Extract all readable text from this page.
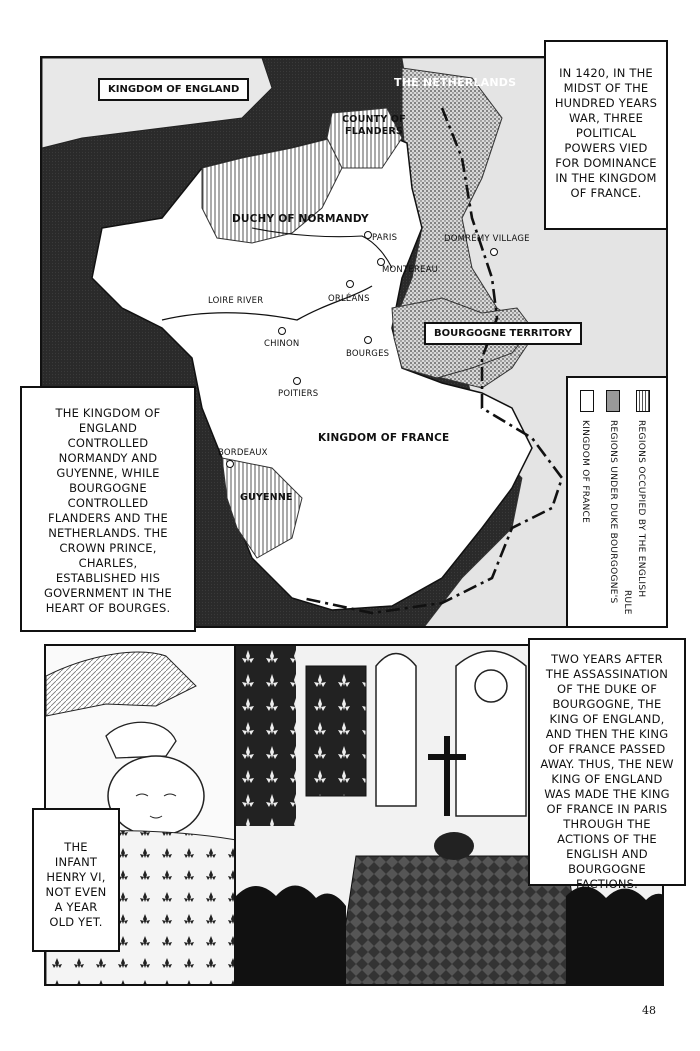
KINGDOM OF ENGLAND
THE NETHERLANDS
COUNTY OF FLANDERS
DUCHY OF NORMANDY
PARIS	DOMRÉMY VILLAGE
MONTEREAU
LOIRE RIVER	ORLÉANS
CHINON
BOURGES
BOURGOGNE TERRITORY
POITIERS
KINGDOM OF FRANCE
BORDEAUX
GUYENNE	REGIONS OCCUPIED BY THE ENGLISH
REGIONS UNDER DUKE BOURGOGNE'S RULE
KINGDOM OF FRANCE
IN 1420, IN THE MIDST OF THE HUNDRED YEARS WAR, THREE POLITICAL POWERS VIED FOR DOMINANCE IN THE KINGDOM OF FRANCE.
THE KINGDOM OF ENGLAND CONTROLLED NORMANDY AND GUYENNE, WHILE BOURGOGNE CONTROLLED FLANDERS AND THE NETHERLANDS. THE CROWN PRINCE, CHARLES, ESTABLISHED HIS GOVERNMENT IN THE HEART OF BOURGES.
THE INFANT HENRY VI, NOT EVEN A YEAR OLD YET.
TWO YEARS AFTER THE ASSASSINATION OF THE DUKE OF BOURGOGNE, THE KING OF ENGLAND, AND THEN THE KING OF FRANCE PASSED AWAY. THUS, THE NEW KING OF ENGLAND WAS MADE THE KING OF FRANCE IN PARIS THROUGH THE ACTIONS OF THE ENGLISH AND BOURGOGNE FACTIONS.
48
